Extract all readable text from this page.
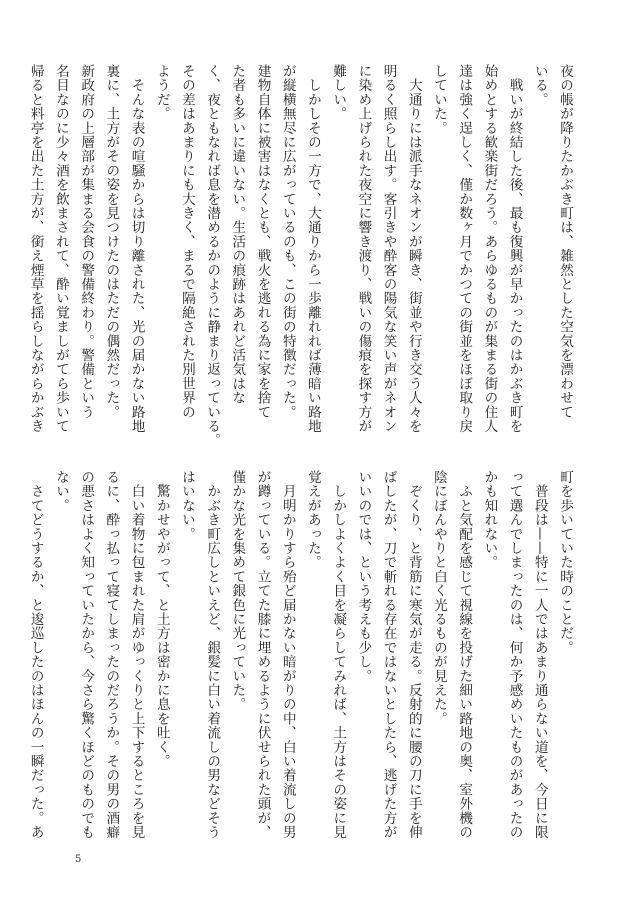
夜の帳が降りたかぶき町は、雑然とした空気を漂わせて

いる。

　戦いが終結した後、最も復興が早かったのはかぶき町を

始めとする歓楽街だろう。あらゆるものが集まる街の住人

達は強く逞しく、僅か数ヶ月でかつての街並をほぼ取り戻

していた。

　大通りには派手なネオンが瞬き、街並や行き交う人々を

明るく照らし出す。客引きや酔客の陽気な笑い声がネオン

に染め上げられた夜空に響き渡り、戦いの傷痕を探す方が

難しい。

　しかしその一方で、大通りから一歩離れれば薄暗い路地

が縦横無尽に広がっているのも、この街の特徴だった。

建物自体に被害はなくとも、戦火を逃れる為に家を捨て

た者も多いに違いない。生活の痕跡はあれど活気はな

く、夜ともなれば息を潜めるかのように静まり返っている。

その差はあまりにも大きく、まるで隔絶された別世界の

ようだ。

　そんな表の喧騒からは切り離された、光の届かない路地

裏に、土方がその姿を見つけたのはただの偶然だった。

新政府の上層部が集まる会食の警備終わり。警備という

名目なのに少々酒を飲まされて、酔い覚ましがてら歩いて

帰ると料亭を出た土方が、銜え煙草を揺らしながらかぶき

町を歩いていた時のことだ。

　普段は——特に一人ではあまり通らない道を、今日に限

って選んでしまったのは、何か予感めいたものがあったの

かも知れない。

　ふと気配を感じて視線を投げた細い路地の奥、室外機の

陰にぼんやりと白く光るものが見えた。

　ぞくり、と背筋に寒気が走る。反射的に腰の刀に手を伸

ばしたが、刀で斬れる存在ではないとしたら、逃げた方が

いいのでは、という考えも少し。

　しかしよくよく目を凝らしてみれば、土方はその姿に見

覚えがあった。

　月明かりすら殆ど届かない暗がりの中、白い着流しの男

が蹲っている。立てた膝に埋めるように伏せられた頭が、

僅かな光を集めて銀色に光っていた。

　かぶき町広しといえど、銀髪に白い着流しの男などそう

はいない。

　驚かせやがって、と土方は密かに息を吐く。

　白い着物に包まれた肩がゆっくりと上下するところを見

るに、酔っ払って寝てしまったのだろうか。その男の酒癖

の悪さはよく知っていたから、今さら驚くほどのものでも

ない。

　さてどうするか、と逡巡したのはほんの一瞬だった。あ

5
